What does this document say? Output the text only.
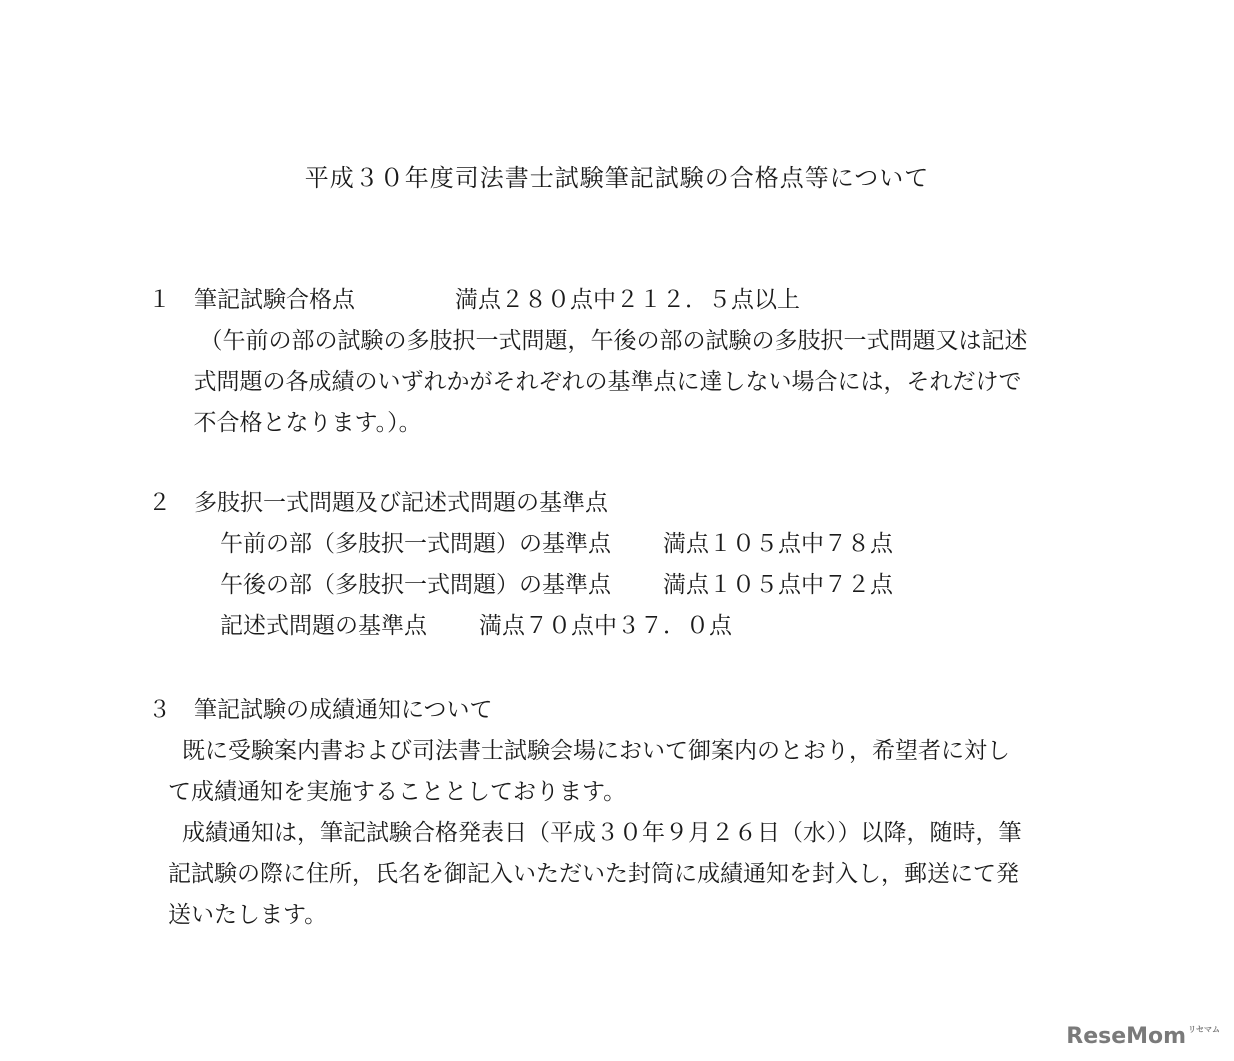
平成３０年度司法書士試験筆記試験の合格点等について
１	筆記試験合格点	満点２８０点中２１２．５点以上
（午前の部の試験の多肢択一式問題，午後の部の試験の多肢択一式問題又は記述
式問題の各成績のいずれかがそれぞれの基準点に達しない場合には，それだけで
不合格となります。）。
２	多肢択一式問題及び記述式問題の基準点
午前の部（多肢択一式問題）の基準点 満点１０５点中７８点
午後の部（多肢択一式問題）の基準点 満点１０５点中７２点
記述式問題の基準点 満点７０点中３７．０点
３	筆記試験の成績通知について
既に受験案内書および司法書士試験会場において御案内のとおり，希望者に対し
て成績通知を実施することとしております。
成績通知は，筆記試験合格発表日（平成３０年９月２６日（水））以降，随時，筆
記試験の際に住所，氏名を御記入いただいた封筒に成績通知を封入し，郵送にて発
送いたします。
ReseMom $^{リセマム}$
